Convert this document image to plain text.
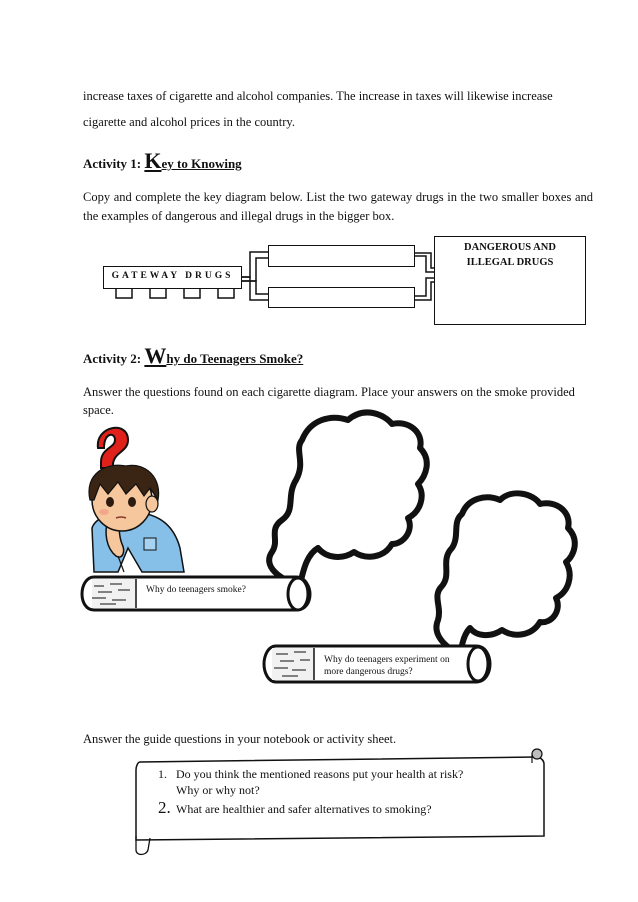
increase taxes of cigarette and alcohol companies. The increase in taxes will likewise increase
cigarette and alcohol prices in the country.
Activity 1: Key to Knowing
Copy and complete the key diagram below. List the two gateway drugs in the two smaller boxes and the examples of dangerous and illegal drugs in the bigger box.
GATEWAY DRUGS
DANGEROUS AND
ILLEGAL DRUGS
Activity 2: Why do Teenagers Smoke?
Answer the questions found on each cigarette diagram. Place your answers on the smoke provided space.
Why do teenagers smoke?
Why do teenagers experiment on
more dangerous drugs?
Answer the guide questions in your notebook or activity sheet.
1. Do you think the mentioned reasons put your health at risk?
Why or why not?
2. What are healthier and safer alternatives to smoking?
